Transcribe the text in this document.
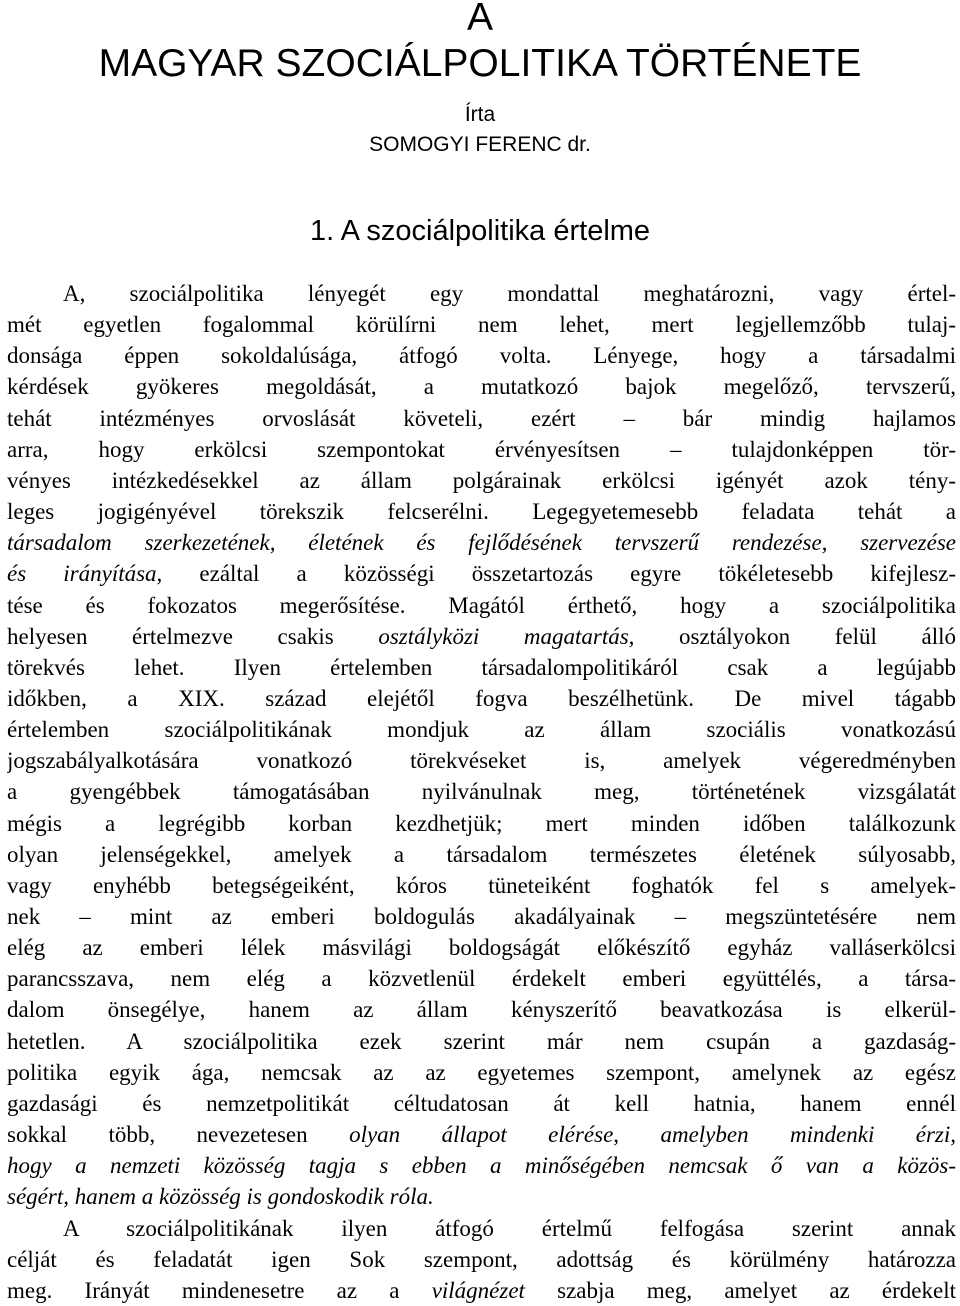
A
MAGYAR SZOCIÁLPOLITIKA TÖRTÉNETE
Írta
SOMOGYI FERENC dr.
1. A szociálpolitika értelme
A, szociálpolitika lényegét egy mondattal meghatározni, vagy értel-
mét egyetlen fogalommal körülírni nem lehet, mert legjellemzőbb tulaj-
donsága éppen sokoldalúsága, átfogó volta. Lényege, hogy a társadalmi
kérdések gyökeres megoldását, a mutatkozó bajok megelőző, tervszerű,
tehát intézményes orvoslását követeli, ezért – bár mindig hajlamos
arra, hogy erkölcsi szempontokat érvényesítsen – tulajdonképpen tör-
vényes intézkedésekkel az állam polgárainak erkölcsi igényét azok tény-
leges jogigényével törekszik felcserélni. Legegyetemesebb feladata tehát a
társadalom szerkezetének, életének és fejlődésének tervszerű rendezése, szervezése
és irányítása, ezáltal a közösségi összetartozás egyre tökéletesebb kifejlesz-
tése és fokozatos megerősítése. Magától érthető, hogy a szociálpolitika
helyesen értelmezve csakis osztályközi magatartás, osztályokon felül álló
törekvés lehet. Ilyen értelemben társadalompolitikáról csak a legújabb
időkben, a XIX. század elejétől fogva beszélhetünk. De mivel tágabb
értelemben szociálpolitikának mondjuk az állam szociális vonatkozású
jogszabályalkotására vonatkozó törekvéseket is, amelyek végeredményben
a gyengébbek támogatásában nyilvánulnak meg, történetének vizsgálatát
mégis a legrégibb korban kezdhetjük; mert minden időben találkozunk
olyan jelenségekkel, amelyek a társadalom természetes életének súlyosabb,
vagy enyhébb betegségeiként, kóros tüneteiként foghatók fel s amelyek-
nek – mint az emberi boldogulás akadályainak – megszüntetésére nem
elég az emberi lélek másvilági boldogságát előkészítő egyház valláserkölcsi
parancsszava, nem elég a közvetlenül érdekelt emberi együttélés, a társa-
dalom önsegélye, hanem az állam kényszerítő beavatkozása is elkerül-
hetetlen. A szociálpolitika ezek szerint már nem csupán a gazdaság-
politika egyik ága, nemcsak az az egyetemes szempont, amelynek az egész
gazdasági és nemzetpolitikát céltudatosan át kell hatnia, hanem ennél
sokkal több, nevezetesen olyan állapot elérése, amelyben mindenki érzi,
hogy a nemzeti közösség tagja s ebben a minőségében nemcsak ő van a közös-
ségért, hanem a közösség is gondoskodik róla.
A szociálpolitikának ilyen átfogó értelmű felfogása szerint annak
célját és feladatát igen Sok szempont, adottság és körülmény határozza
meg. Irányát mindenesetre az a világnézet szabja meg, amelyet az érdekelt
